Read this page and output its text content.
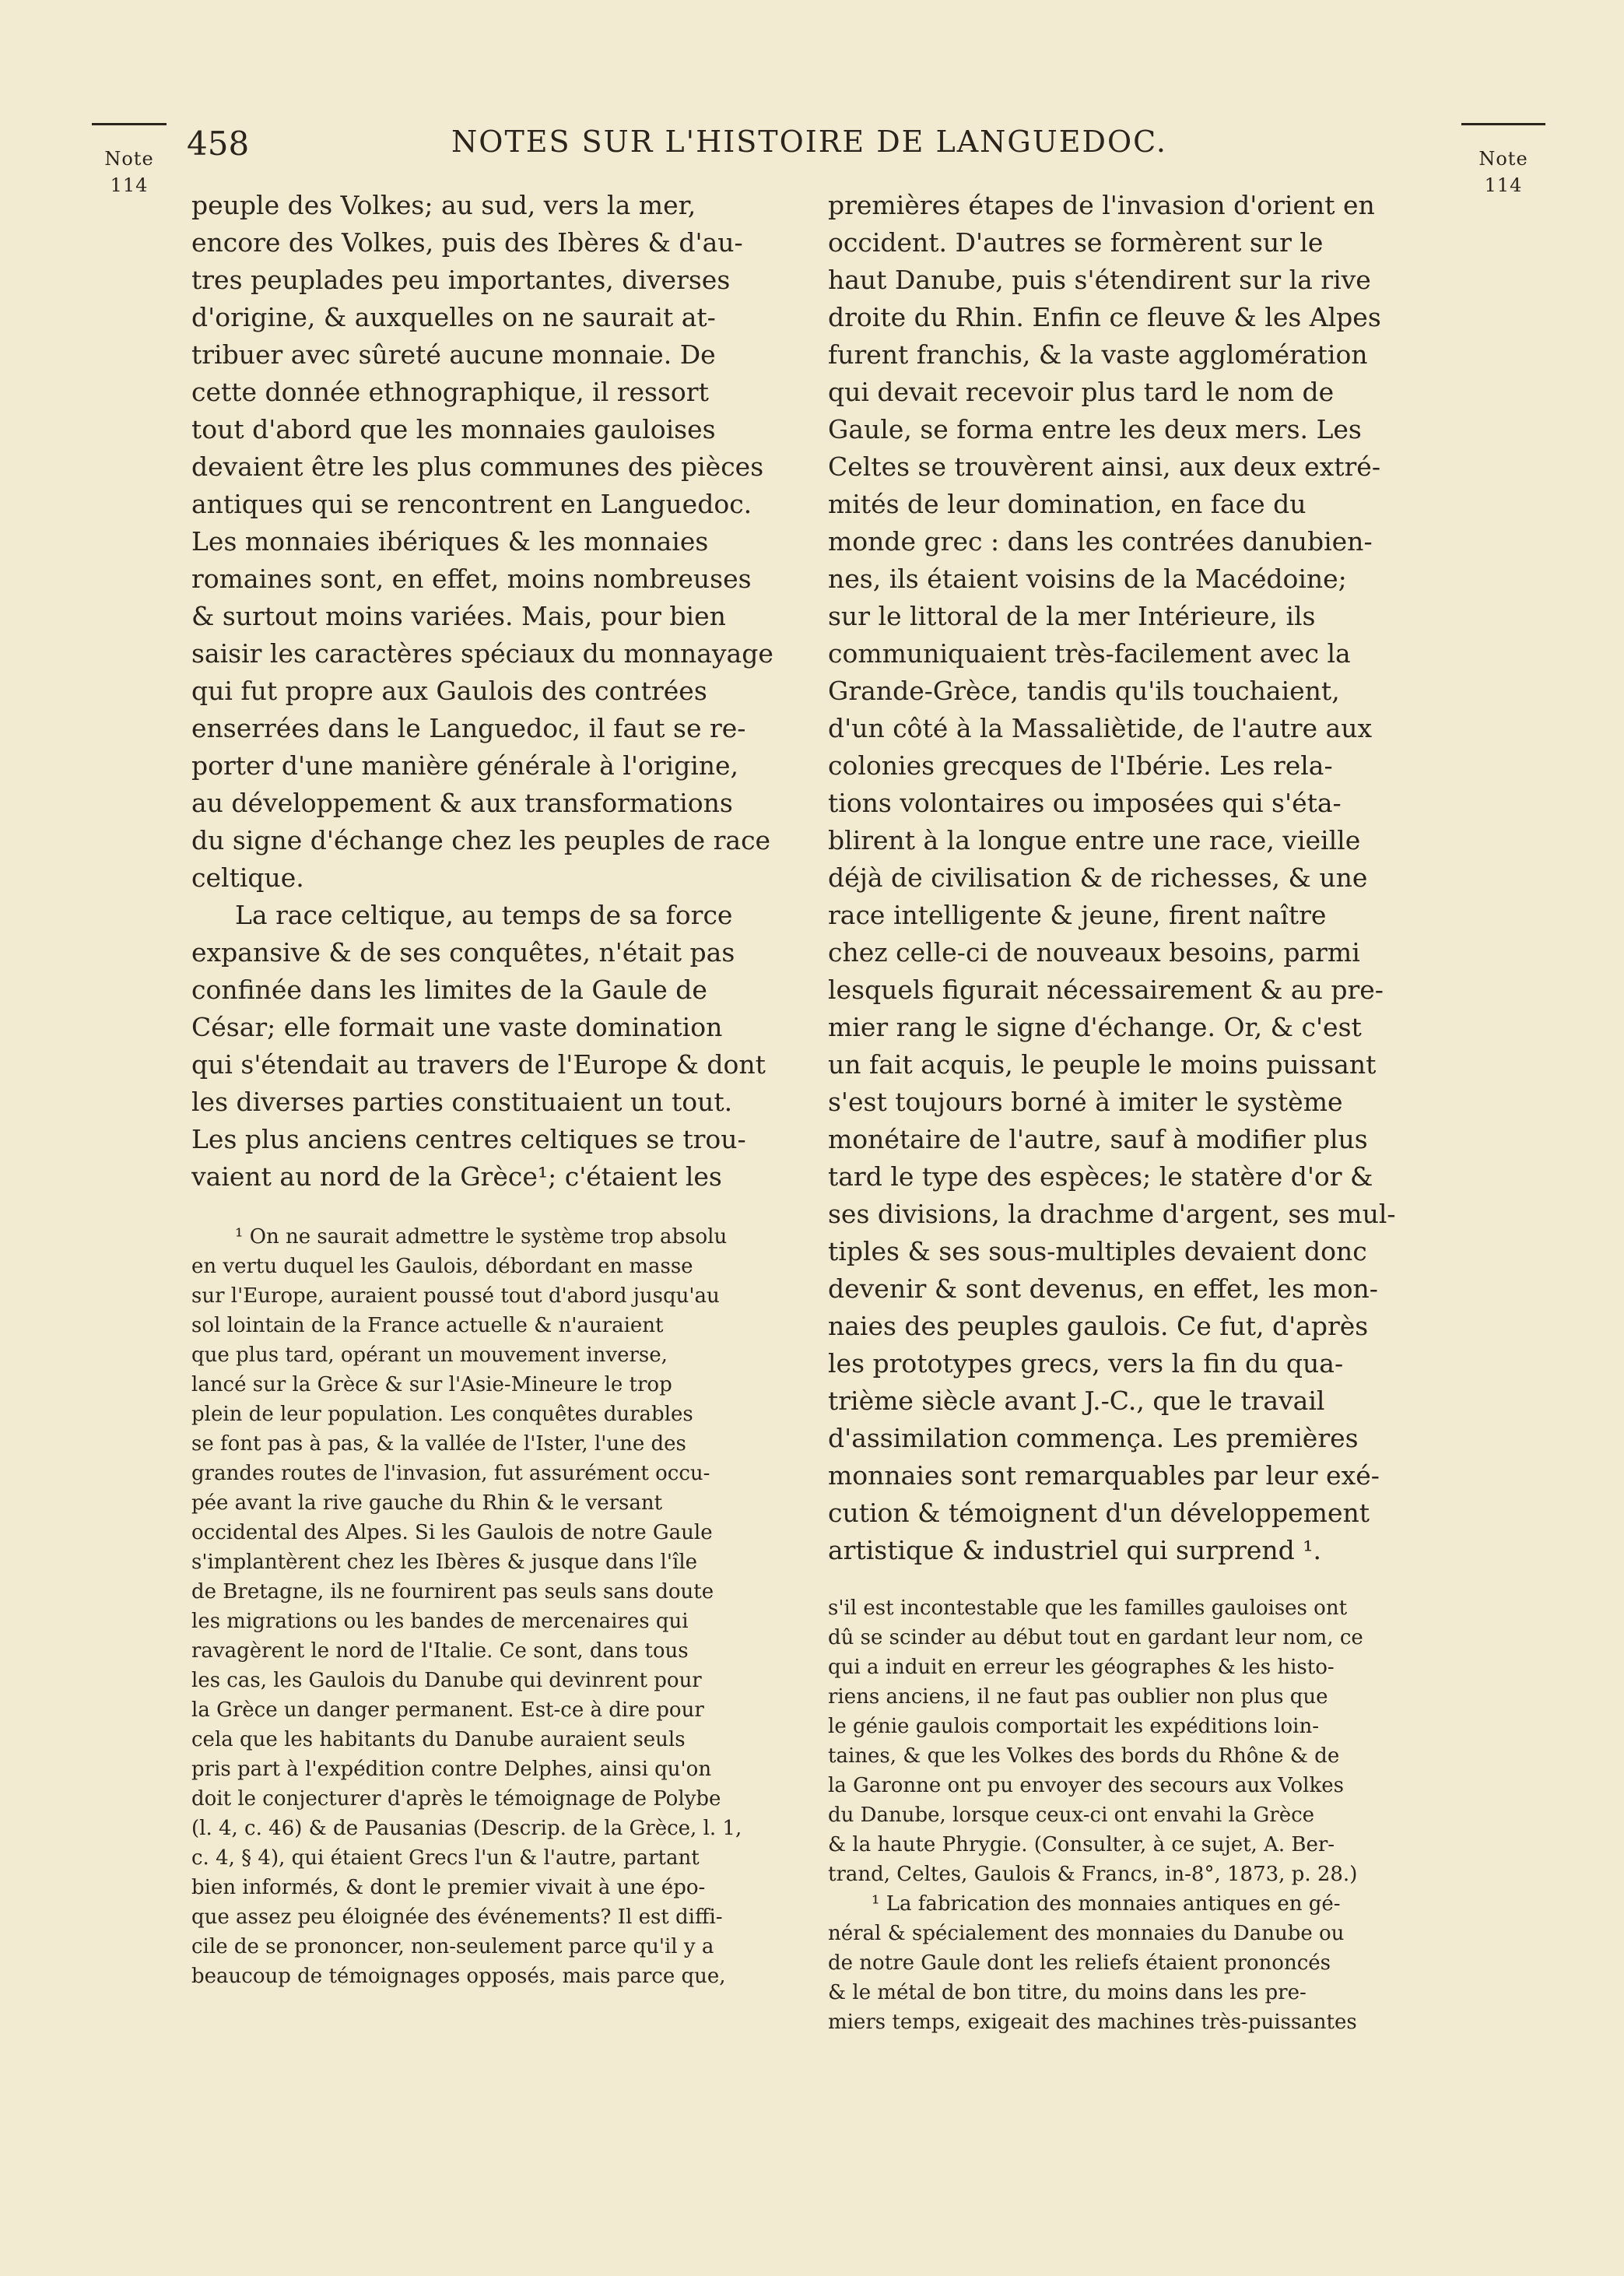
Note
114
458	NOTES SUR L'HISTOIRE DE LANGUEDOC.	Note
114
peuple des Volkes; au sud, vers la mer,
encore des Volkes, puis des Ibères & d'au-
tres peuplades peu importantes, diverses
d'origine, & auxquelles on ne saurait at-
tribuer avec sûreté aucune monnaie. De
cette donnée ethnographique, il ressort
tout d'abord que les monnaies gauloises
devaient être les plus communes des pièces
antiques qui se rencontrent en Languedoc.
Les monnaies ibériques & les monnaies
romaines sont, en effet, moins nombreuses
& surtout moins variées. Mais, pour bien
saisir les caractères spéciaux du monnayage
qui fut propre aux Gaulois des contrées
enserrées dans le Languedoc, il faut se re-
porter d'une manière générale à l'origine,
au développement & aux transformations
du signe d'échange chez les peuples de race
celtique.
La race celtique, au temps de sa force
expansive & de ses conquêtes, n'était pas
confinée dans les limites de la Gaule de
César; elle formait une vaste domination
qui s'étendait au travers de l'Europe & dont
les diverses parties constituaient un tout.
Les plus anciens centres celtiques se trou-
vaient au nord de la Grèce¹; c'étaient les
premières étapes de l'invasion d'orient en
occident. D'autres se formèrent sur le
haut Danube, puis s'étendirent sur la rive
droite du Rhin. Enfin ce fleuve & les Alpes
furent franchis, & la vaste agglomération
qui devait recevoir plus tard le nom de
Gaule, se forma entre les deux mers. Les
Celtes se trouvèrent ainsi, aux deux extré-
mités de leur domination, en face du
monde grec : dans les contrées danubien-
nes, ils étaient voisins de la Macédoine;
sur le littoral de la mer Intérieure, ils
communiquaient très-facilement avec la
Grande-Grèce, tandis qu'ils touchaient,
d'un côté à la Massaliètide, de l'autre aux
colonies grecques de l'Ibérie. Les rela-
tions volontaires ou imposées qui s'éta-
blirent à la longue entre une race, vieille
déjà de civilisation & de richesses, & une
race intelligente & jeune, firent naître
chez celle-ci de nouveaux besoins, parmi
lesquels figurait nécessairement & au pre-
mier rang le signe d'échange. Or, & c'est
un fait acquis, le peuple le moins puissant
s'est toujours borné à imiter le système
monétaire de l'autre, sauf à modifier plus
tard le type des espèces; le statère d'or &
ses divisions, la drachme d'argent, ses mul-
tiples & ses sous-multiples devaient donc
devenir & sont devenus, en effet, les mon-
naies des peuples gaulois. Ce fut, d'après
les prototypes grecs, vers la fin du qua-
trième siècle avant J.-C., que le travail
d'assimilation commença. Les premières
monnaies sont remarquables par leur exé-
cution & témoignent d'un développement
artistique & industriel qui surprend ¹.
¹ On ne saurait admettre le système trop absolu
en vertu duquel les Gaulois, débordant en masse
sur l'Europe, auraient poussé tout d'abord jusqu'au
sol lointain de la France actuelle & n'auraient
que plus tard, opérant un mouvement inverse,
lancé sur la Grèce & sur l'Asie-Mineure le trop
plein de leur population. Les conquêtes durables
se font pas à pas, & la vallée de l'Ister, l'une des
grandes routes de l'invasion, fut assurément occu-
pée avant la rive gauche du Rhin & le versant
occidental des Alpes. Si les Gaulois de notre Gaule
s'implantèrent chez les Ibères & jusque dans l'île
de Bretagne, ils ne fournirent pas seuls sans doute
les migrations ou les bandes de mercenaires qui
ravagèrent le nord de l'Italie. Ce sont, dans tous
les cas, les Gaulois du Danube qui devinrent pour
la Grèce un danger permanent. Est-ce à dire pour
cela que les habitants du Danube auraient seuls
pris part à l'expédition contre Delphes, ainsi qu'on
doit le conjecturer d'après le témoignage de Polybe
(l. 4, c. 46) & de Pausanias (Descrip. de la Grèce, l. 1,
c. 4, § 4), qui étaient Grecs l'un & l'autre, partant
bien informés, & dont le premier vivait à une épo-
que assez peu éloignée des événements? Il est diffi-
cile de se prononcer, non-seulement parce qu'il y a
beaucoup de témoignages opposés, mais parce que,
s'il est incontestable que les familles gauloises ont
dû se scinder au début tout en gardant leur nom, ce
qui a induit en erreur les géographes & les histo-
riens anciens, il ne faut pas oublier non plus que
le génie gaulois comportait les expéditions loin-
taines, & que les Volkes des bords du Rhône & de
la Garonne ont pu envoyer des secours aux Volkes
du Danube, lorsque ceux-ci ont envahi la Grèce
& la haute Phrygie. (Consulter, à ce sujet, A. Ber-
trand, Celtes, Gaulois & Francs, in-8°, 1873, p. 28.)
¹ La fabrication des monnaies antiques en gé-
néral & spécialement des monnaies du Danube ou
de notre Gaule dont les reliefs étaient prononcés
& le métal de bon titre, du moins dans les pre-
miers temps, exigeait des machines très-puissantes
